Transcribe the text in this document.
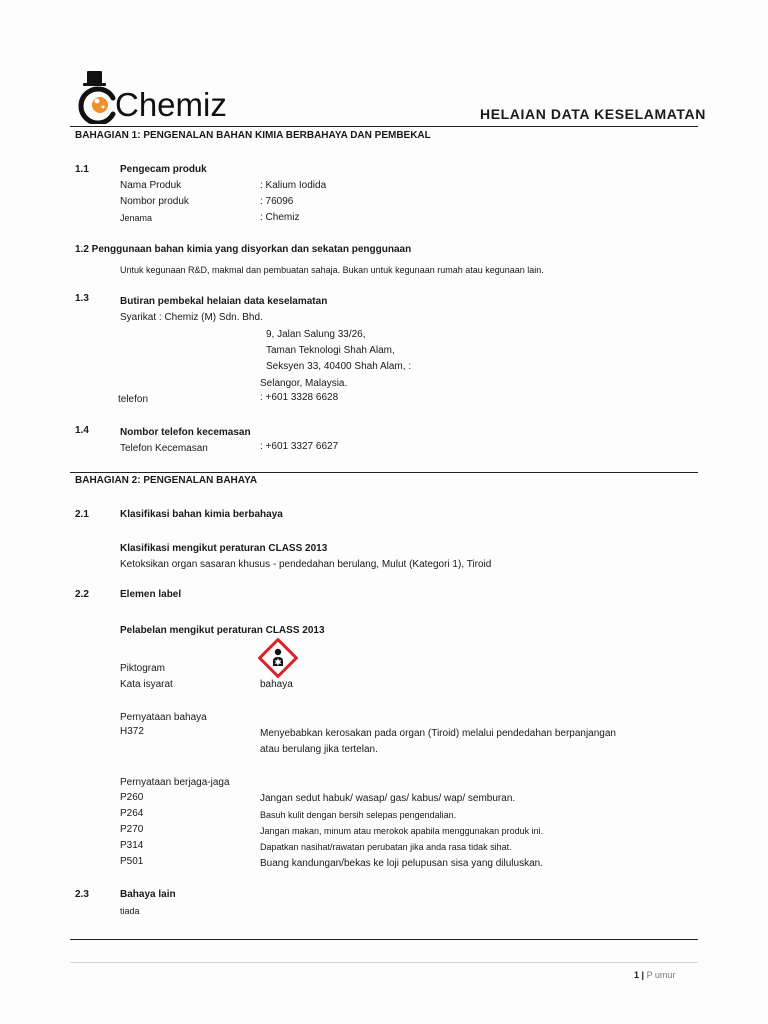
Chemiz	HELAIAN DATA KESELAMATAN
BAHAGIAN 1: PENGENALAN BAHAN KIMIA BERBAHAYA DAN PEMBEKAL
1.1	Pengecam produk
Nama Produk	: Kalium Iodida
Nombor produk	: 76096
Jenama	: Chemiz
1.2 Penggunaan bahan kimia yang disyorkan dan sekatan penggunaan
Untuk kegunaan R&D, makmal dan pembuatan sahaja. Bukan untuk kegunaan rumah atau kegunaan lain.
1.3	Butiran pembekal helaian data keselamatan
Syarikat : Chemiz (M) Sdn. Bhd.
9, Jalan Salung 33/26,
Taman Teknologi Shah Alam,
Seksyen 33, 40400 Shah Alam, :
Selangor, Malaysia.
telefon	: +601 3328 6628
1.4	Nombor telefon kecemasan
Telefon Kecemasan	: +601 3327 6627
BAHAGIAN 2: PENGENALAN BAHAYA
2.1	Klasifikasi bahan kimia berbahaya
Klasifikasi mengikut peraturan CLASS 2013
Ketoksikan organ sasaran khusus - pendedahan berulang, Mulut (Kategori 1), Tiroid
2.2	Elemen label
Pelabelan mengikut peraturan CLASS 2013
Piktogram
Kata isyarat	bahaya
Pernyataan bahaya
H372	Menyebabkan kerosakan pada organ (Tiroid) melalui pendedahan berpanjangan
atau berulang jika tertelan.
Pernyataan berjaga-jaga
P260	Jangan sedut habuk/ wasap/ gas/ kabus/ wap/ semburan.
P264	Basuh kulit dengan bersih selepas pengendalian.
P270	Jangan makan, minum atau merokok apabila menggunakan produk ini.
P314	Dapatkan nasihat/rawatan perubatan jika anda rasa tidak sihat.
P501	Buang kandungan/bekas ke loji pelupusan sisa yang diluluskan.
2.3	Bahaya lain
tiada
1 | P umur
